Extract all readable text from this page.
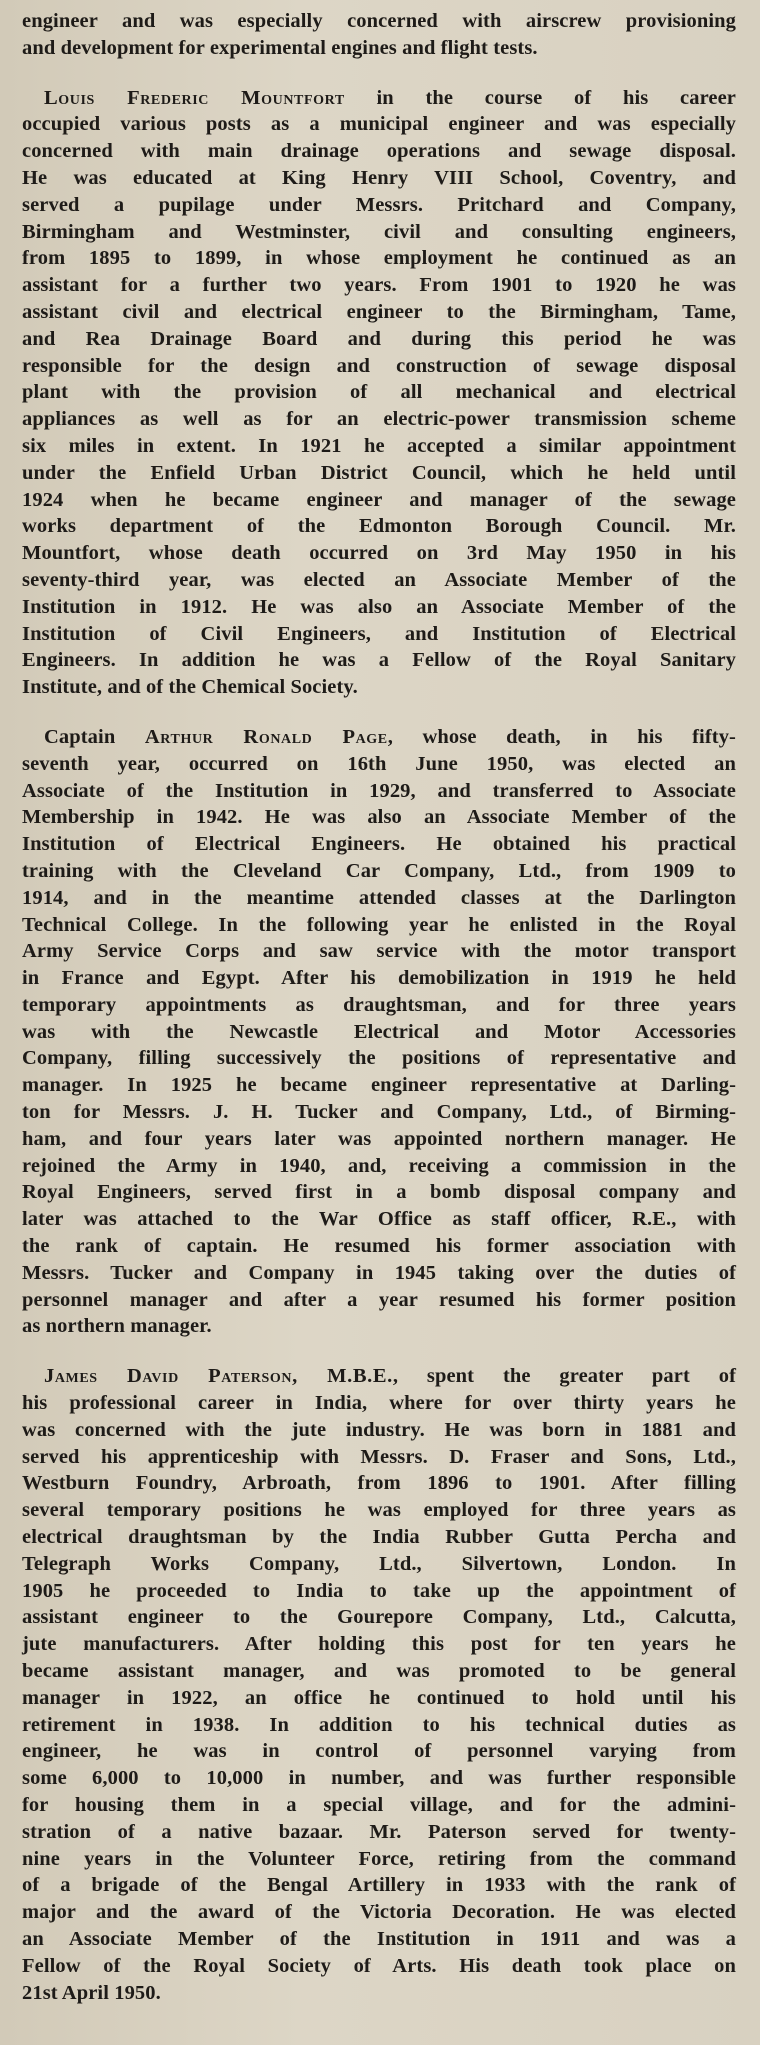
engineer and was especially concerned with airscrew provisioning
and development for experimental engines and flight tests.
Louis Frederic Mountfort in the course of his career
occupied various posts as a municipal engineer and was especially
concerned with main drainage operations and sewage disposal.
He was educated at King Henry VIII School, Coventry, and
served a pupilage under Messrs. Pritchard and Company,
Birmingham and Westminster, civil and consulting engineers,
from 1895 to 1899, in whose employment he continued as an
assistant for a further two years. From 1901 to 1920 he was
assistant civil and electrical engineer to the Birmingham, Tame,
and Rea Drainage Board and during this period he was
responsible for the design and construction of sewage disposal
plant with the provision of all mechanical and electrical
appliances as well as for an electric-power transmission scheme
six miles in extent. In 1921 he accepted a similar appointment
under the Enfield Urban District Council, which he held until
1924 when he became engineer and manager of the sewage
works department of the Edmonton Borough Council. Mr.
Mountfort, whose death occurred on 3rd May 1950 in his
seventy-third year, was elected an Associate Member of the
Institution in 1912. He was also an Associate Member of the
Institution of Civil Engineers, and Institution of Electrical
Engineers. In addition he was a Fellow of the Royal Sanitary
Institute, and of the Chemical Society.
Captain Arthur Ronald Page, whose death, in his fifty-
seventh year, occurred on 16th June 1950, was elected an
Associate of the Institution in 1929, and transferred to Associate
Membership in 1942. He was also an Associate Member of the
Institution of Electrical Engineers. He obtained his practical
training with the Cleveland Car Company, Ltd., from 1909 to
1914, and in the meantime attended classes at the Darlington
Technical College. In the following year he enlisted in the Royal
Army Service Corps and saw service with the motor transport
in France and Egypt. After his demobilization in 1919 he held
temporary appointments as draughtsman, and for three years
was with the Newcastle Electrical and Motor Accessories
Company, filling successively the positions of representative and
manager. In 1925 he became engineer representative at Darling-
ton for Messrs. J. H. Tucker and Company, Ltd., of Birming-
ham, and four years later was appointed northern manager. He
rejoined the Army in 1940, and, receiving a commission in the
Royal Engineers, served first in a bomb disposal company and
later was attached to the War Office as staff officer, R.E., with
the rank of captain. He resumed his former association with
Messrs. Tucker and Company in 1945 taking over the duties of
personnel manager and after a year resumed his former position
as northern manager.
James David Paterson, M.B.E., spent the greater part of
his professional career in India, where for over thirty years he
was concerned with the jute industry. He was born in 1881 and
served his apprenticeship with Messrs. D. Fraser and Sons, Ltd.,
Westburn Foundry, Arbroath, from 1896 to 1901. After filling
several temporary positions he was employed for three years as
electrical draughtsman by the India Rubber Gutta Percha and
Telegraph Works Company, Ltd., Silvertown, London. In
1905 he proceeded to India to take up the appointment of
assistant engineer to the Gourepore Company, Ltd., Calcutta,
jute manufacturers. After holding this post for ten years he
became assistant manager, and was promoted to be general
manager in 1922, an office he continued to hold until his
retirement in 1938. In addition to his technical duties as
engineer, he was in control of personnel varying from
some 6,000 to 10,000 in number, and was further responsible
for housing them in a special village, and for the admini-
stration of a native bazaar. Mr. Paterson served for twenty-
nine years in the Volunteer Force, retiring from the command
of a brigade of the Bengal Artillery in 1933 with the rank of
major and the award of the Victoria Decoration. He was elected
an Associate Member of the Institution in 1911 and was a
Fellow of the Royal Society of Arts. His death took place on
21st April 1950.
